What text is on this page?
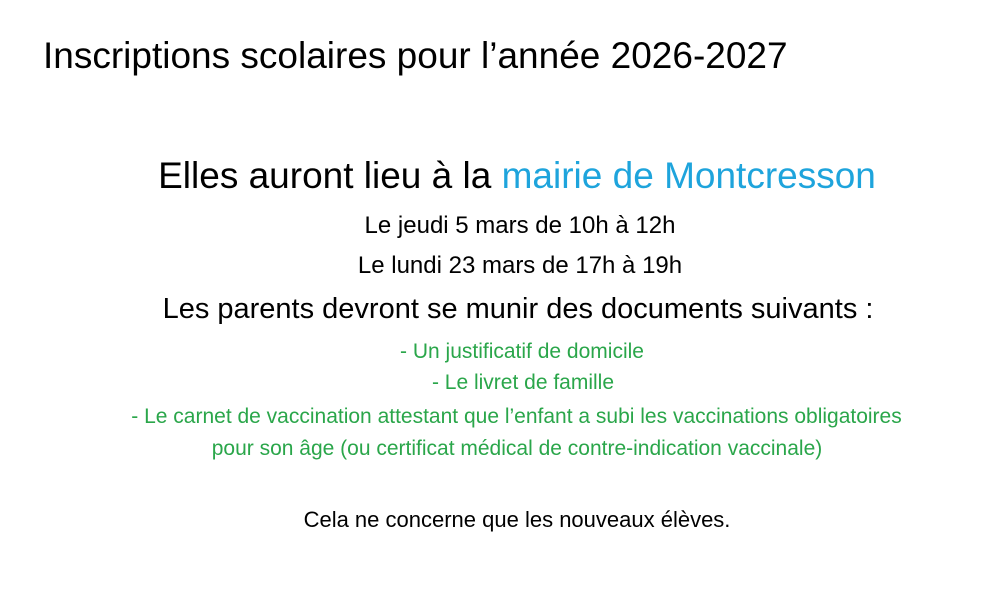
Inscriptions scolaires pour l’année 2026-2027
Elles auront lieu à la mairie de Montcresson
Le jeudi 5 mars de 10h à 12h
Le lundi 23 mars de 17h à 19h
Les parents devront se munir des documents suivants :
- Un justificatif de domicile
- Le livret de famille
- Le carnet de vaccination attestant que l’enfant a subi les vaccinations obligatoires
pour son âge (ou certificat médical de contre-indication vaccinale)
Cela ne concerne que les nouveaux élèves.
